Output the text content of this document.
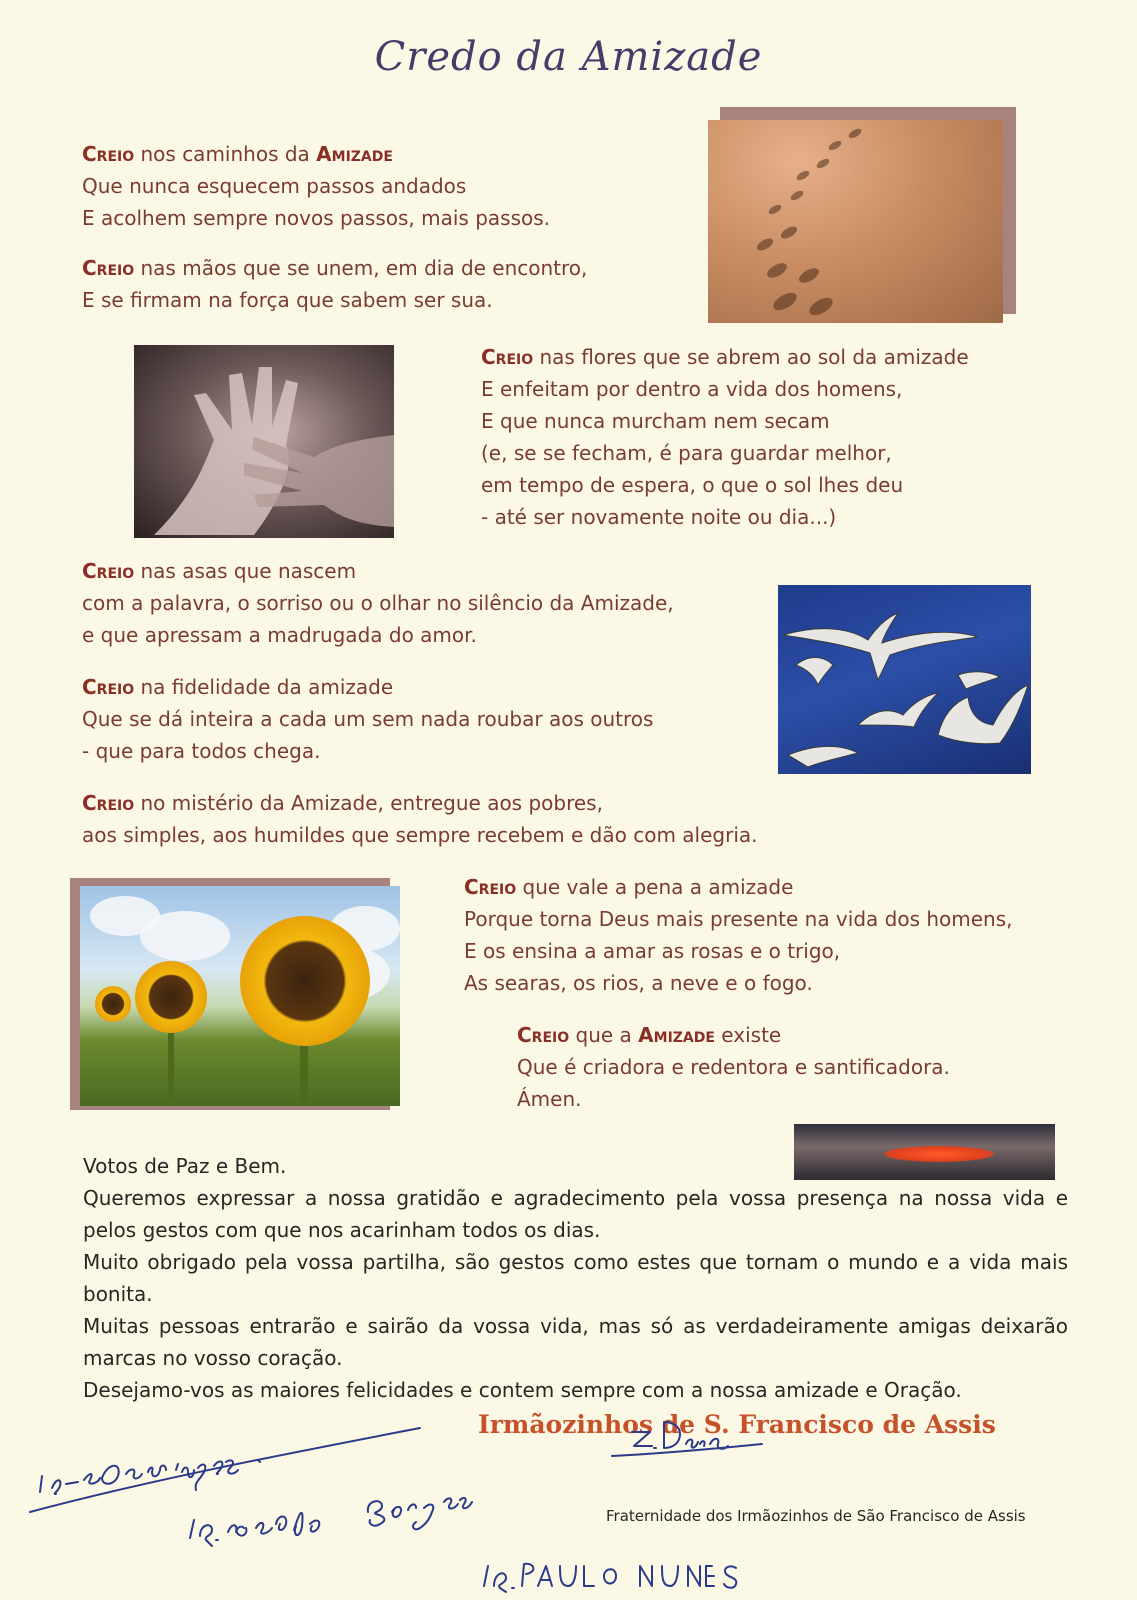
Credo da Amizade
Creio nos caminhos da Amizade
Que nunca esquecem passos andados
E acolhem sempre novos passos, mais passos.
Creio nas mãos que se unem, em dia de encontro,
E se firmam na força que sabem ser sua.
Creio nas flores que se abrem ao sol da amizade
E enfeitam por dentro a vida dos homens,
E que nunca murcham nem secam
(e, se se fecham, é para guardar melhor,
em tempo de espera, o que o sol lhes deu
- até ser novamente noite ou dia...)
Creio nas asas que nascem
com a palavra, o sorriso ou o olhar no silêncio da Amizade,
e que apressam a madrugada do amor.
Creio na fidelidade da amizade
Que se dá inteira a cada um sem nada roubar aos outros
- que para todos chega.
Creio no mistério da Amizade, entregue aos pobres,
aos simples, aos humildes que sempre recebem e dão com alegria.
Creio que vale a pena a amizade
Porque torna Deus mais presente na vida dos homens,
E os ensina a amar as rosas e o trigo,
As searas, os rios, a neve e o fogo.
Creio que a Amizade existe
Que é criadora e redentora e santificadora.
Ámen.
Votos de Paz e Bem.
Queremos expressar a nossa gratidão e agradecimento pela vossa presença na nossa vida e pelos gestos com que nos acarinham todos os dias.
Muito obrigado pela vossa partilha, são gestos como estes que tornam o mundo e a vida mais bonita.
Muitas pessoas entrarão e sairão da vossa vida, mas só as verdadeiramente amigas deixarão marcas no vosso coração.
Desejamo-vos as maiores felicidades e contem sempre com a nossa amizade e Oração.
Irmãozinhos de S. Francisco de Assis
Fraternidade dos Irmãozinhos de São Francisco de Assis
